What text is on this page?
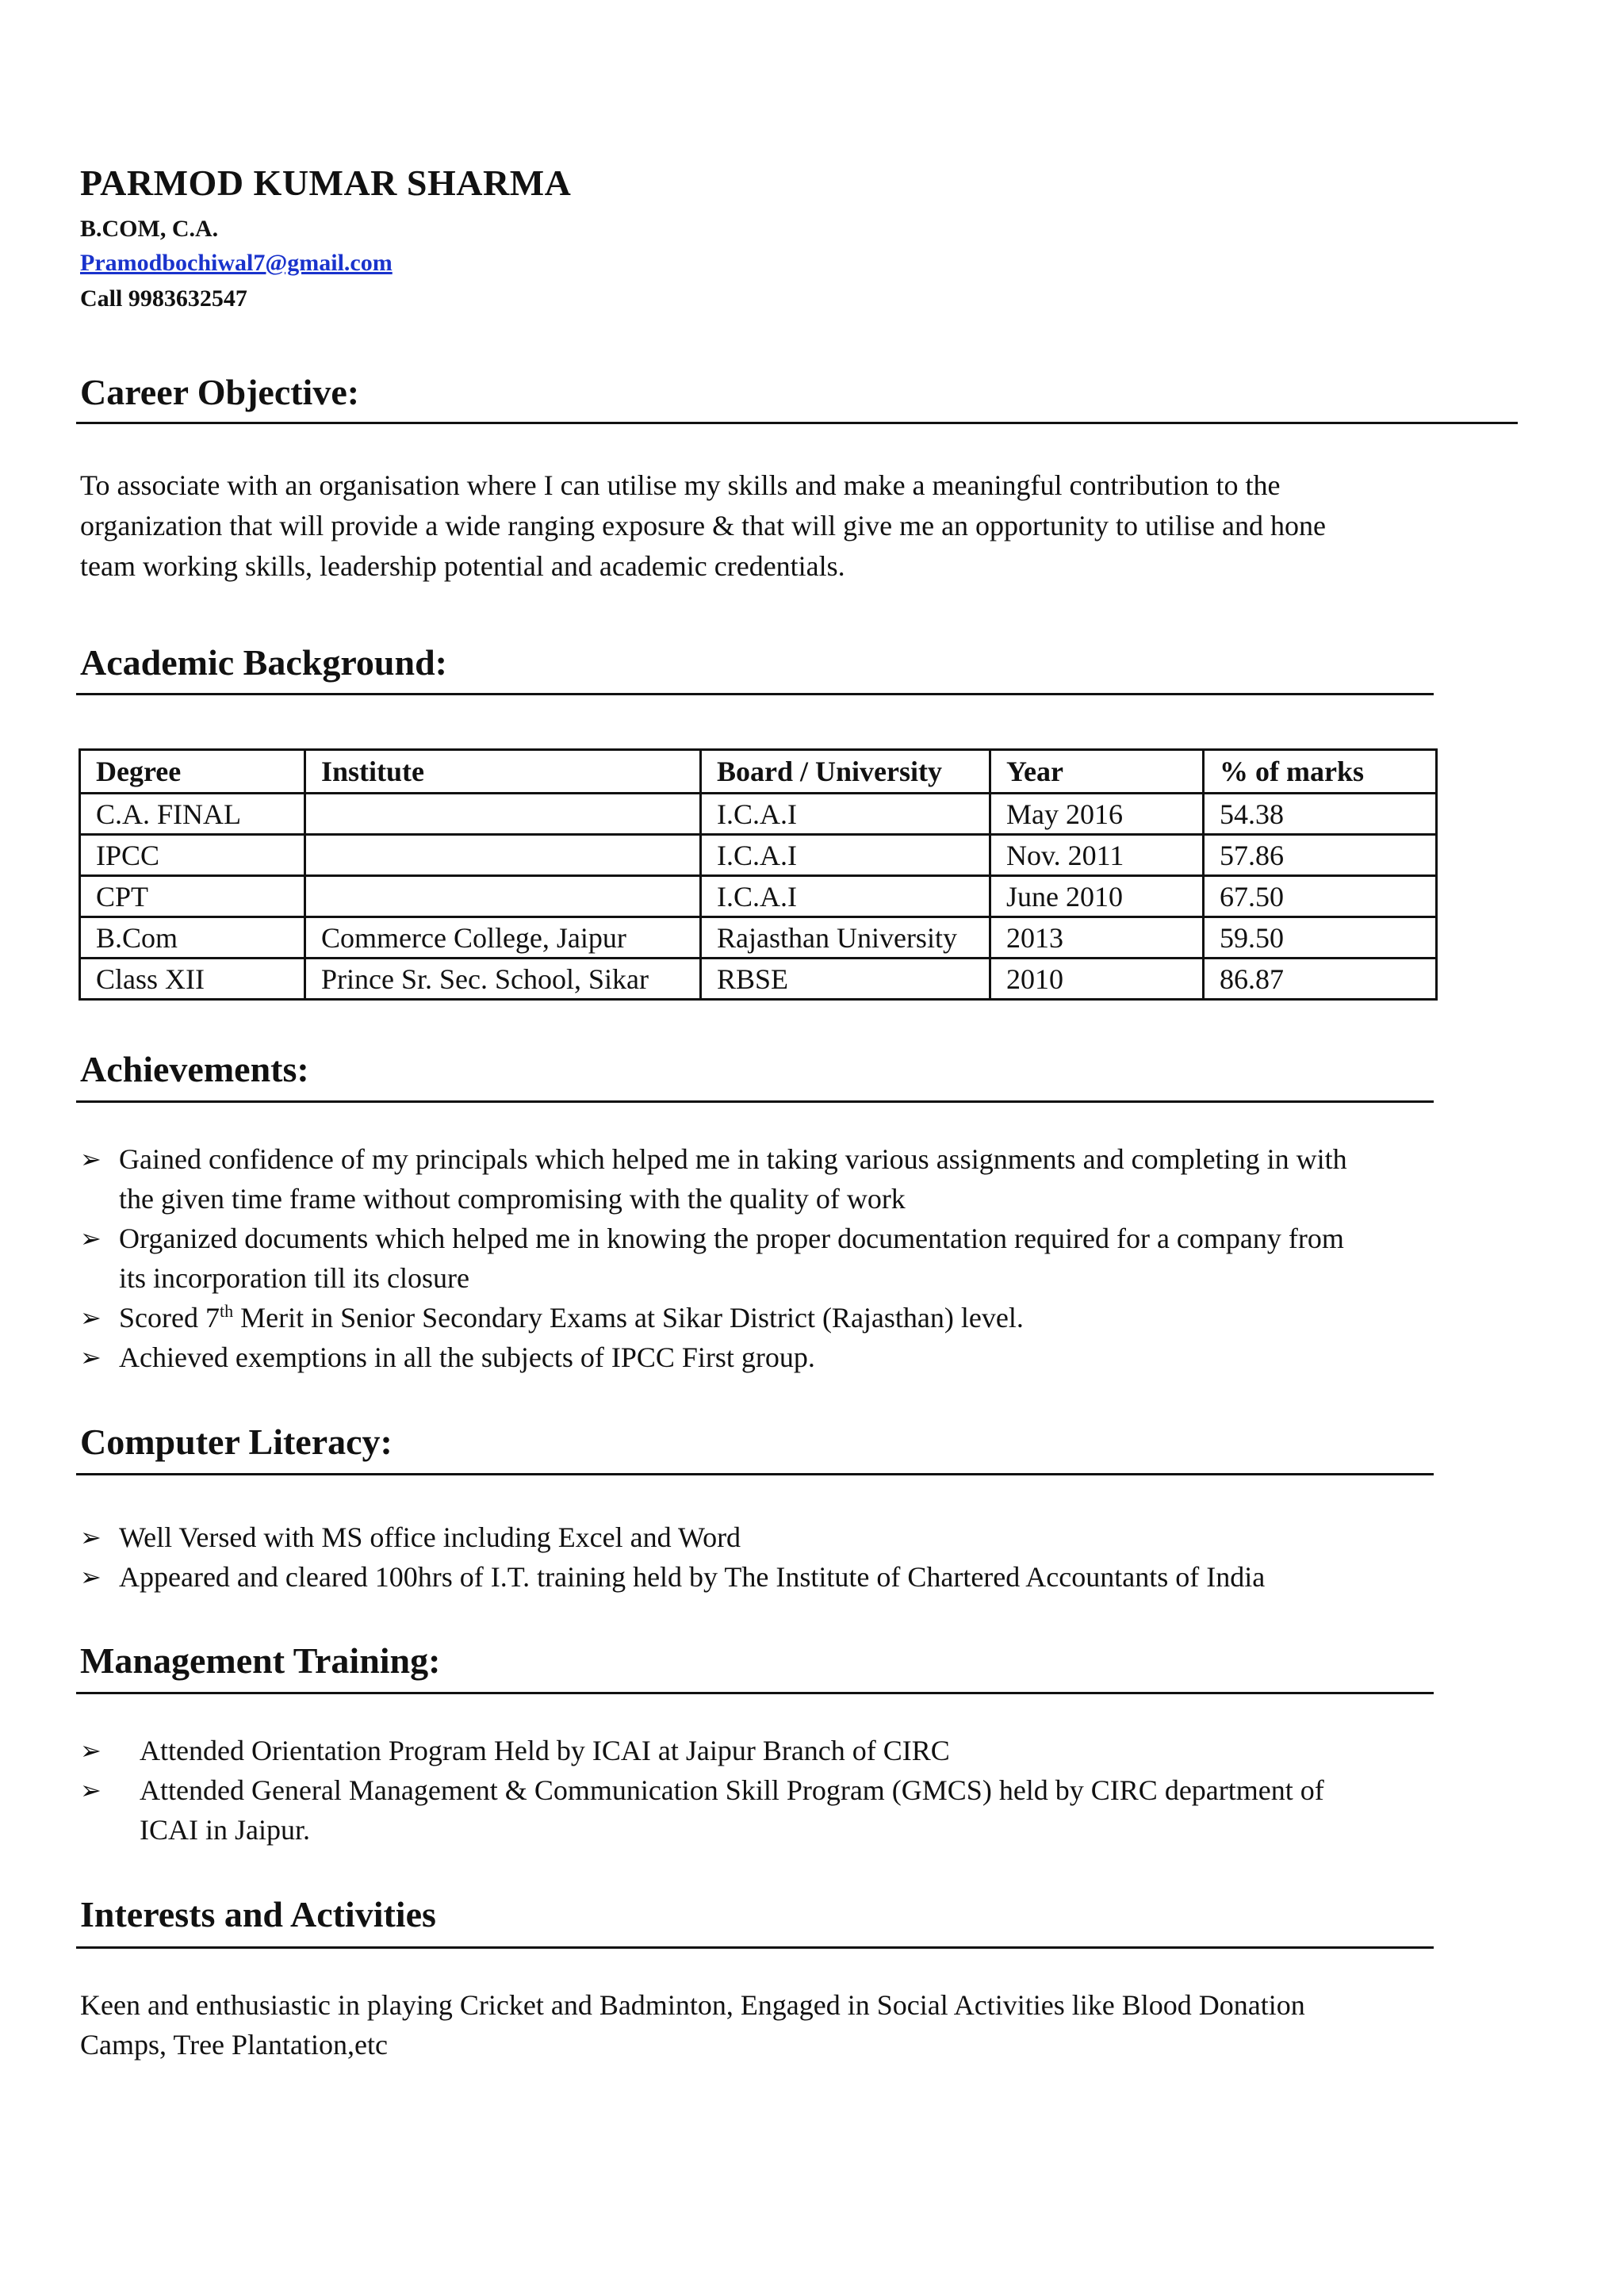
PARMOD KUMAR SHARMA

B.COM, C.A.

Pramodbochiwal7@gmail.com

Call 9983632547

Career Objective:
To associate with an organisation where I can utilise my skills and make a meaningful contribution to the
organization that will provide a wide ranging exposure & that will give me an opportunity to utilise and hone
team working skills, leadership potential and academic credentials.
Academic Background:
Degree	Institute	Board / University	Year	% of marks
C.A. FINAL		I.C.A.I	May 2016	54.38
IPCC		I.C.A.I	Nov. 2011	57.86
CPT		I.C.A.I	June 2010	67.50
B.Com	Commerce College, Jaipur	Rajasthan University	2013	59.50
Class XII	Prince Sr. Sec. School, Sikar	RBSE	2010	86.87
Achievements:
➢ Gained confidence of my principals which helped me in taking various assignments and completing in with
the given time frame without compromising with the quality of work
➢ Organized documents which helped me in knowing the proper documentation required for a company from
its incorporation till its closure
➢ Scored 7th Merit in Senior Secondary Exams at Sikar District (Rajasthan) level.
➢ Achieved exemptions in all the subjects of IPCC First group.
Computer Literacy:
➢ Well Versed with MS office including Excel and Word
➢ Appeared and cleared 100hrs of I.T. training held by The Institute of Chartered Accountants of India
Management Training:
➢ Attended Orientation Program Held by ICAI at Jaipur Branch of CIRC
➢ Attended General Management & Communication Skill Program (GMCS) held by CIRC department of
ICAI in Jaipur.
Interests and Activities
Keen and enthusiastic in playing Cricket and Badminton, Engaged in Social Activities like Blood Donation
Camps, Tree Plantation,etc
